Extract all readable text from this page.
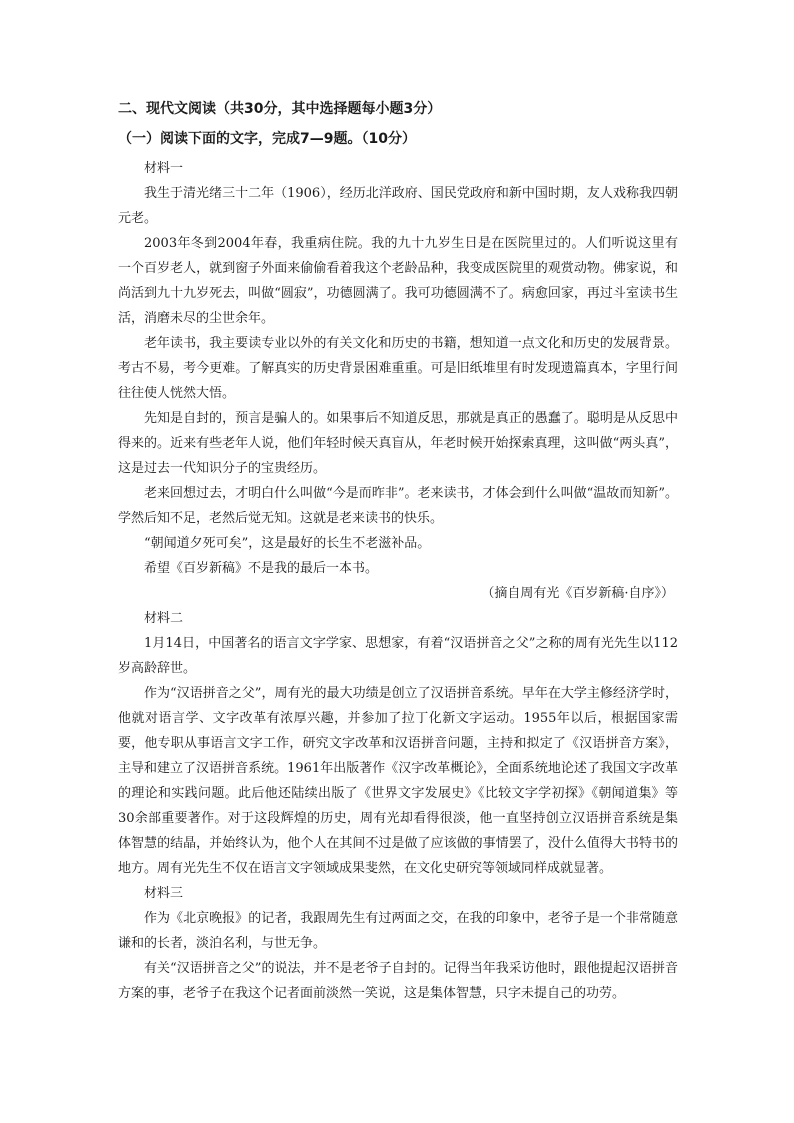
二、现代文阅读（共30分，其中选择题每小题3分）
（一）阅读下面的文字，完成7—9题。（10分）

材料一

我生于清光绪三十二年（1906），经历北洋政府、国民党政府和新中国时期，友人戏称我四朝元老。

2003年冬到2004年春，我重病住院。我的九十九岁生日是在医院里过的。人们听说这里有一个百岁老人，就到窗子外面来偷偷看着我这个老龄品种，我变成医院里的观赏动物。佛家说，和尚活到九十九岁死去，叫做“圆寂”，功德圆满了。我可功德圆满不了。病愈回家，再过斗室读书生活，消磨未尽的尘世余年。

老年读书，我主要读专业以外的有关文化和历史的书籍，想知道一点文化和历史的发展背景。考古不易，考今更难。了解真实的历史背景困难重重。可是旧纸堆里有时发现遗篇真本，字里行间往往使人恍然大悟。

先知是自封的，预言是骗人的。如果事后不知道反思，那就是真正的愚蠢了。聪明是从反思中得来的。近来有些老年人说，他们年轻时候天真盲从，年老时候开始探索真理，这叫做“两头真”，这是过去一代知识分子的宝贵经历。

老来回想过去，才明白什么叫做“今是而昨非”。老来读书，才体会到什么叫做“温故而知新”。学然后知不足，老然后觉无知。这就是老来读书的快乐。

“朝闻道夕死可矣”，这是最好的长生不老滋补品。

希望《百岁新稿》不是我的最后一本书。

（摘自周有光《百岁新稿·自序》）

材料二

1月14日，中国著名的语言文字学家、思想家，有着“汉语拼音之父”之称的周有光先生以112岁高龄辞世。

作为“汉语拼音之父”，周有光的最大功绩是创立了汉语拼音系统。早年在大学主修经济学时，他就对语言学、文字改革有浓厚兴趣，并参加了拉丁化新文字运动。1955年以后，根据国家需要，他专职从事语言文字工作，研究文字改革和汉语拼音问题，主持和拟定了《汉语拼音方案》，主导和建立了汉语拼音系统。1961年出版著作《汉字改革概论》，全面系统地论述了我国文字改革的理论和实践问题。此后他还陆续出版了《世界文字发展史》《比较文字学初探》《朝闻道集》等30余部重要著作。对于这段辉煌的历史，周有光却看得很淡，他一直坚持创立汉语拼音系统是集体智慧的结晶，并始终认为，他个人在其间不过是做了应该做的事情罢了，没什么值得大书特书的地方。周有光先生不仅在语言文字领域成果斐然，在文化史研究等领域同样成就显著。

材料三

作为《北京晚报》的记者，我跟周先生有过两面之交，在我的印象中，老爷子是一个非常随意谦和的长者，淡泊名利，与世无争。

有关“汉语拼音之父”的说法，并不是老爷子自封的。记得当年我采访他时，跟他提起汉语拼音方案的事，老爷子在我这个记者面前淡然一笑说，这是集体智慧，只字未提自己的功劳。
